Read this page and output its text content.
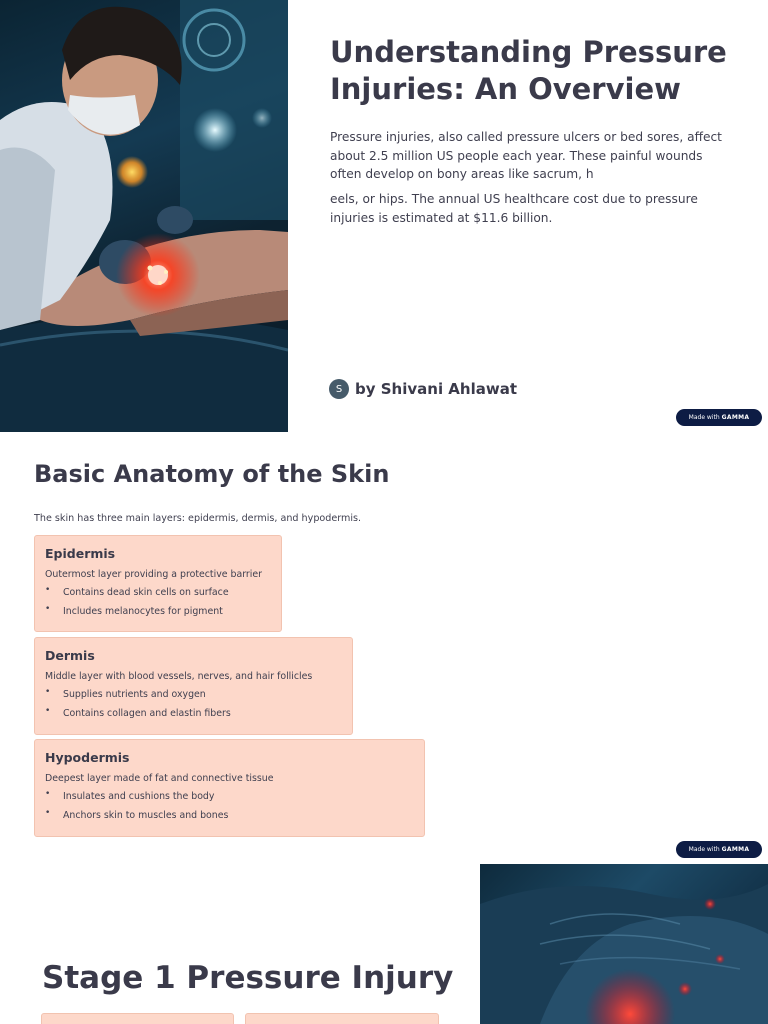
Understanding Pressure Injuries: An Overview

Pressure injuries, also called pressure ulcers or bed sores, affect about 2.5 million US people each year. These painful wounds often develop on bony areas like sacrum, h

eels, or hips. The annual US healthcare cost due to pressure injuries is estimated at $11.6 billion.

S by Shivani Ahlawat
Made with GAMMA
Basic Anatomy of the Skin

The skin has three main layers: epidermis, dermis, and hypodermis.

Epidermis

Outermost layer providing a protective barrier

• Contains dead skin cells on surface
• Includes melanocytes for pigment
Dermis

Middle layer with blood vessels, nerves, and hair follicles

• Supplies nutrients and oxygen
• Contains collagen and elastin fibers
Hypodermis

Deepest layer made of fat and connective tissue

• Insulates and cushions the body
• Anchors skin to muscles and bones
Made with GAMMA
Stage 1 Pressure Injury
